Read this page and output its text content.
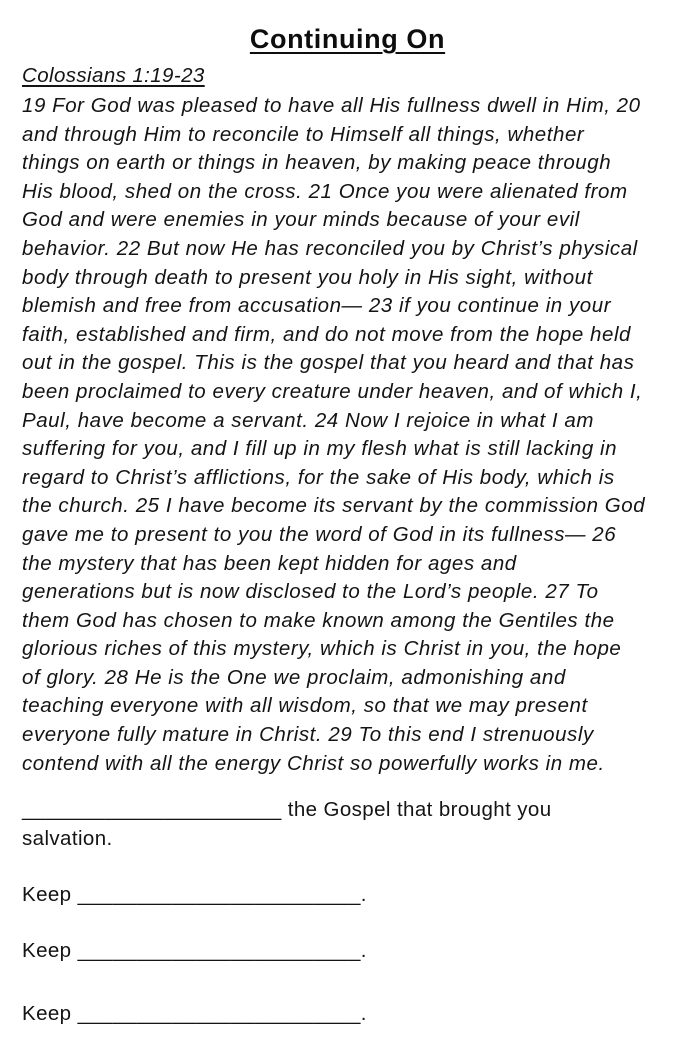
Continuing On
Colossians 1:19-23
19 For God was pleased to have all His fullness dwell in Him, 20
and through Him to reconcile to Himself all things, whether
things on earth or things in heaven, by making peace through
His blood, shed on the cross. 21 Once you were alienated from
God and were enemies in your minds because of your evil
behavior. 22 But now He has reconciled you by Christ’s physical
body through death to present you holy in His sight, without
blemish and free from accusation— 23 if you continue in your
faith, established and firm, and do not move from the hope held
out in the gospel. This is the gospel that you heard and that has
been proclaimed to every creature under heaven, and of which I,
Paul, have become a servant. 24 Now I rejoice in what I am
suffering for you, and I fill up in my flesh what is still lacking in
regard to Christ’s afflictions, for the sake of His body, which is
the church. 25 I have become its servant by the commission God
gave me to present to you the word of God in its fullness— 26
the mystery that has been kept hidden for ages and
generations but is now disclosed to the Lord’s people. 27 To
them God has chosen to make known among the Gentiles the
glorious riches of this mystery, which is Christ in you, the hope
of glory. 28 He is the One we proclaim, admonishing and
teaching everyone with all wisdom, so that we may present
everyone fully mature in Christ. 29 To this end I strenuously
contend with all the energy Christ so powerfully works in me.

______________________ the Gospel that brought you

salvation.

Keep ________________________.

Keep ________________________.

Keep ________________________.
